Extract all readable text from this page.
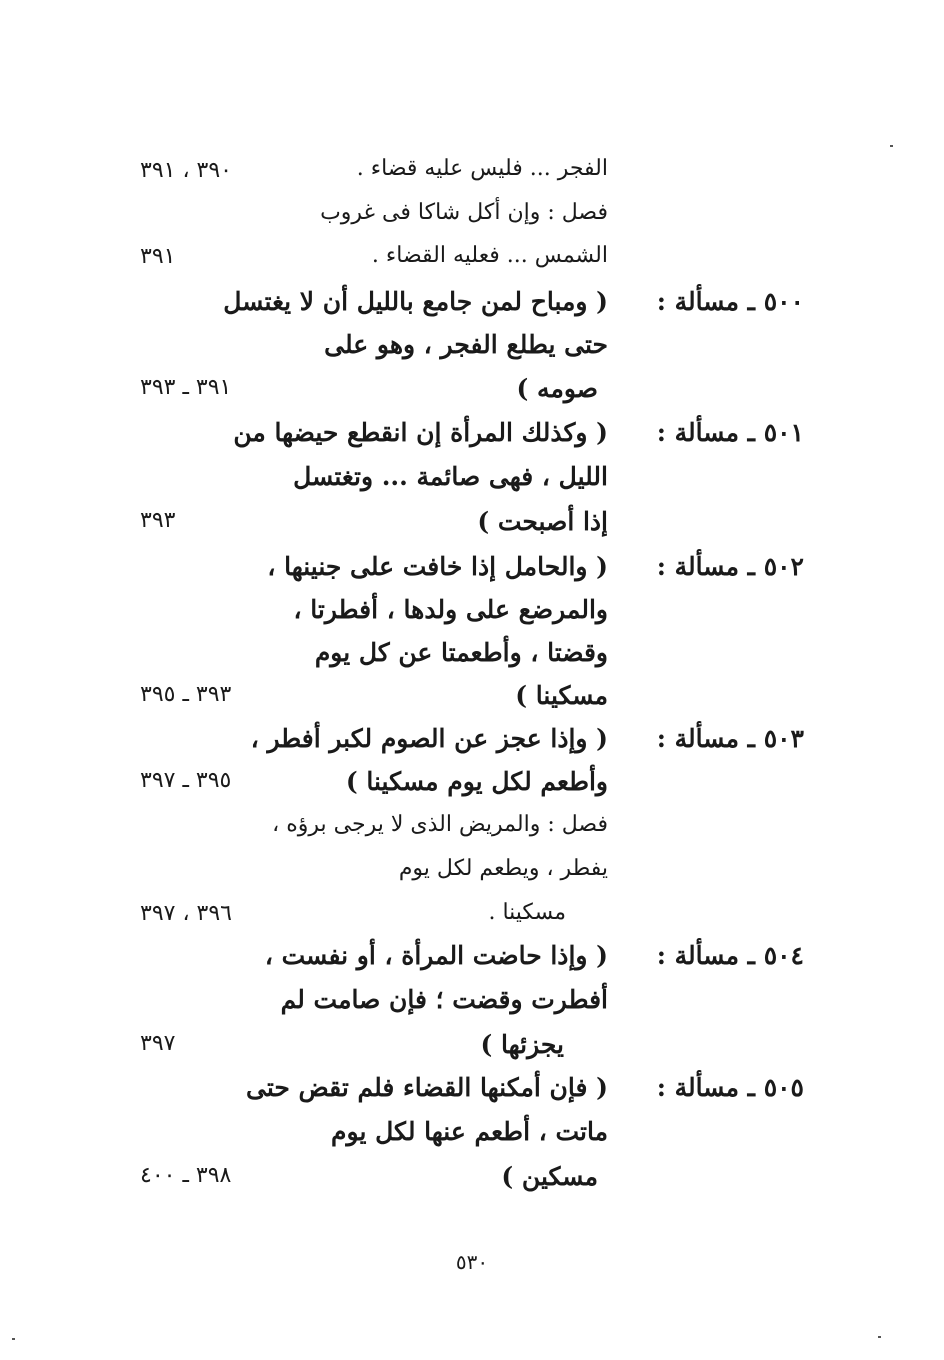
الفجر ... فليس عليه قضاء .
٣٩٠ ، ٣٩١
فصل : وإن أكل شاكا فى غروب
الشمس ... فعليه القضاء .
٣٩١
٥٠٠ ـ مسألة :
( ومباح لمن جامع بالليل أن لا يغتسل
حتى يطلع الفجر ، وهو على
صومه )
٣٩١ ـ ٣٩٣
٥٠١ ـ مسألة :
( وكذلك المرأة إن انقطع حيضها من
الليل ، فهى صائمة ... وتغتسل
إذا أصبحت )
٣٩٣
٥٠٢ ـ مسألة :
( والحامل إذا خافت على جنينها ،
والمرضع على ولدها ، أفطرتا ،
وقضتا ، وأطعمتا عن كل يوم
مسكينا )
٣٩٣ ـ ٣٩٥
٥٠٣ ـ مسألة :
( وإذا عجز عن الصوم لكبر أفطر ،
وأطعم لكل يوم مسكينا )
٣٩٥ ـ ٣٩٧
فصل : والمريض الذى لا يرجى برؤه ،
يفطر ، ويطعم لكل يوم
مسكينا .
٣٩٦ ، ٣٩٧
٥٠٤ ـ مسألة :
( وإذا حاضت المرأة ، أو نفست ،
أفطرت وقضت ؛ فإن صامت لم
يجزئها )
٣٩٧
٥٠٥ ـ مسألة :
( فإن أمكنها القضاء فلم تقض حتى
ماتت ، أطعم عنها لكل يوم
مسكين )
٣٩٨ ـ ٤٠٠
٥٣٠
